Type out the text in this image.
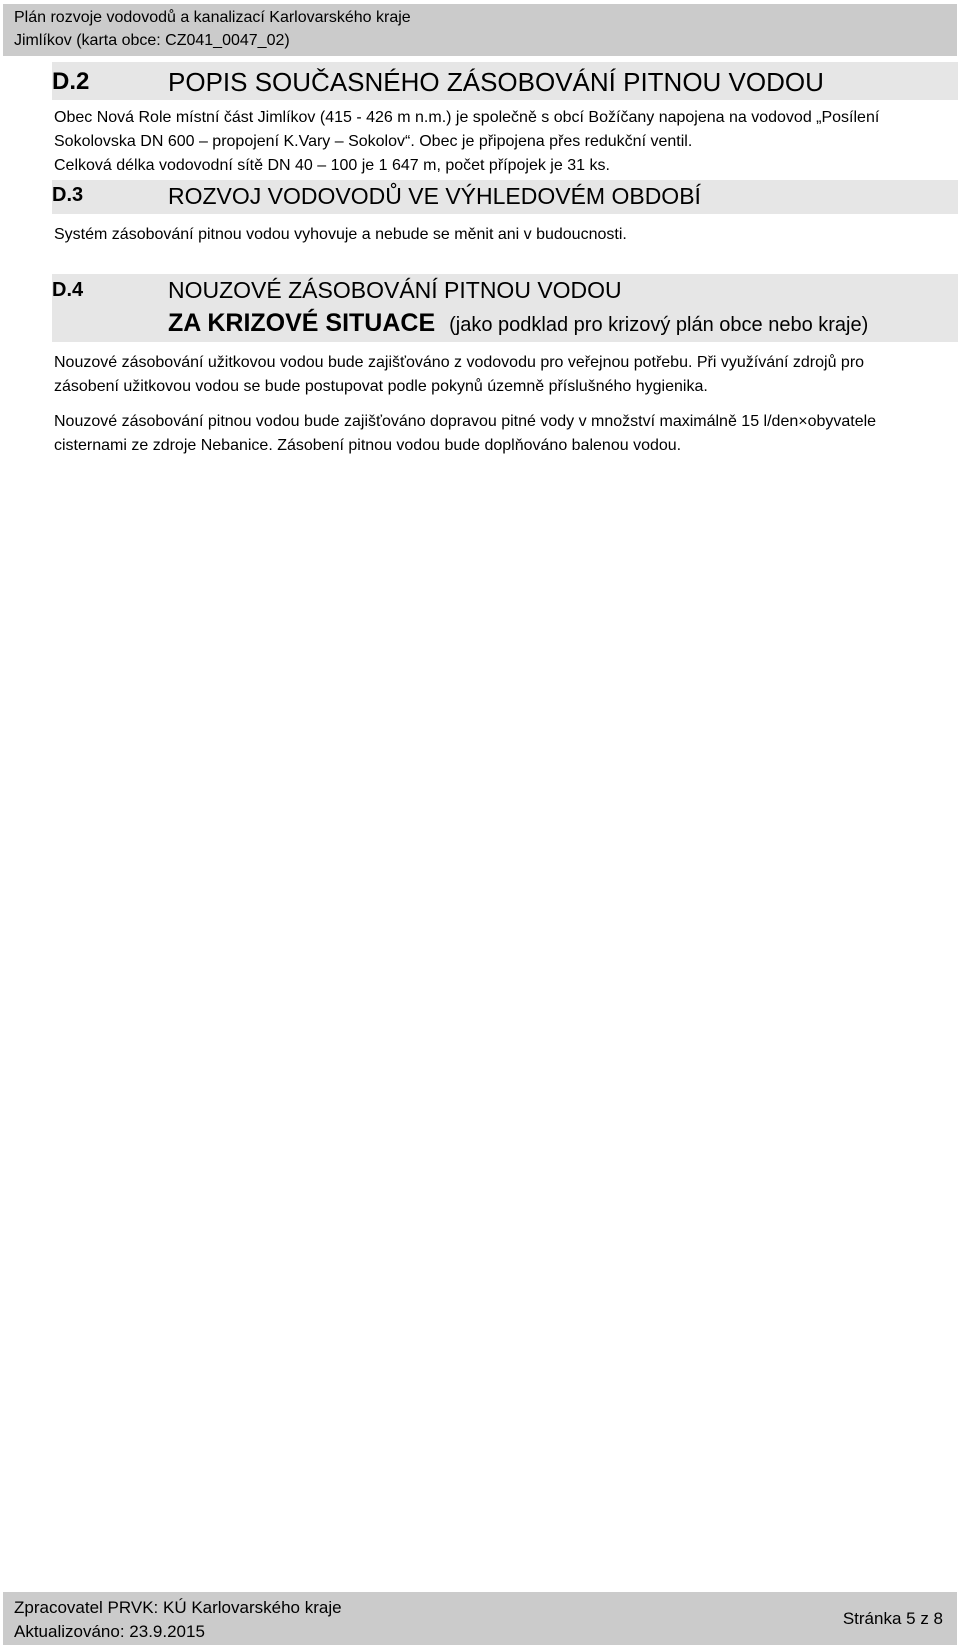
Plán rozvoje vodovodů a kanalizací Karlovarského kraje
Jimlíkov (karta obce: CZ041_0047_02)
D.2	POPIS SOUČASNÉHO ZÁSOBOVÁNÍ PITNOU VODOU

Obec Nová Role místní část Jimlíkov (415 - 426 m n.m.) je společně s obcí Božíčany napojena na vodovod „Posílení

Sokolovska DN 600 – propojení K.Vary – Sokolov“. Obec je připojena přes redukční ventil.

Celková délka vodovodní sítě DN 40 – 100 je 1 647 m, počet přípojek je 31 ks.

D.3	ROZVOJ VODOVODŮ VE VÝHLEDOVÉM OBDOBÍ

Systém zásobování pitnou vodou vyhovuje a nebude se měnit ani v budoucnosti.

D.4	NOUZOVÉ ZÁSOBOVÁNÍ PITNOU VODOU
ZA KRIZOVÉ SITUACE (jako podklad pro krizový plán obce nebo kraje)

Nouzové zásobování užitkovou vodou bude zajišťováno z vodovodu pro veřejnou potřebu. Při využívání zdrojů pro

zásobení užitkovou vodou se bude postupovat podle pokynů územně příslušného hygienika.

Nouzové zásobování pitnou vodou bude zajišťováno dopravou pitné vody v množství maximálně 15 l/den×obyvatele

cisternami ze zdroje Nebanice. Zásobení pitnou vodou bude doplňováno balenou vodou.

Zpracovatel PRVK: KÚ Karlovarského kraje
Aktualizováno: 23.9.2015
Stránka 5 z 8
